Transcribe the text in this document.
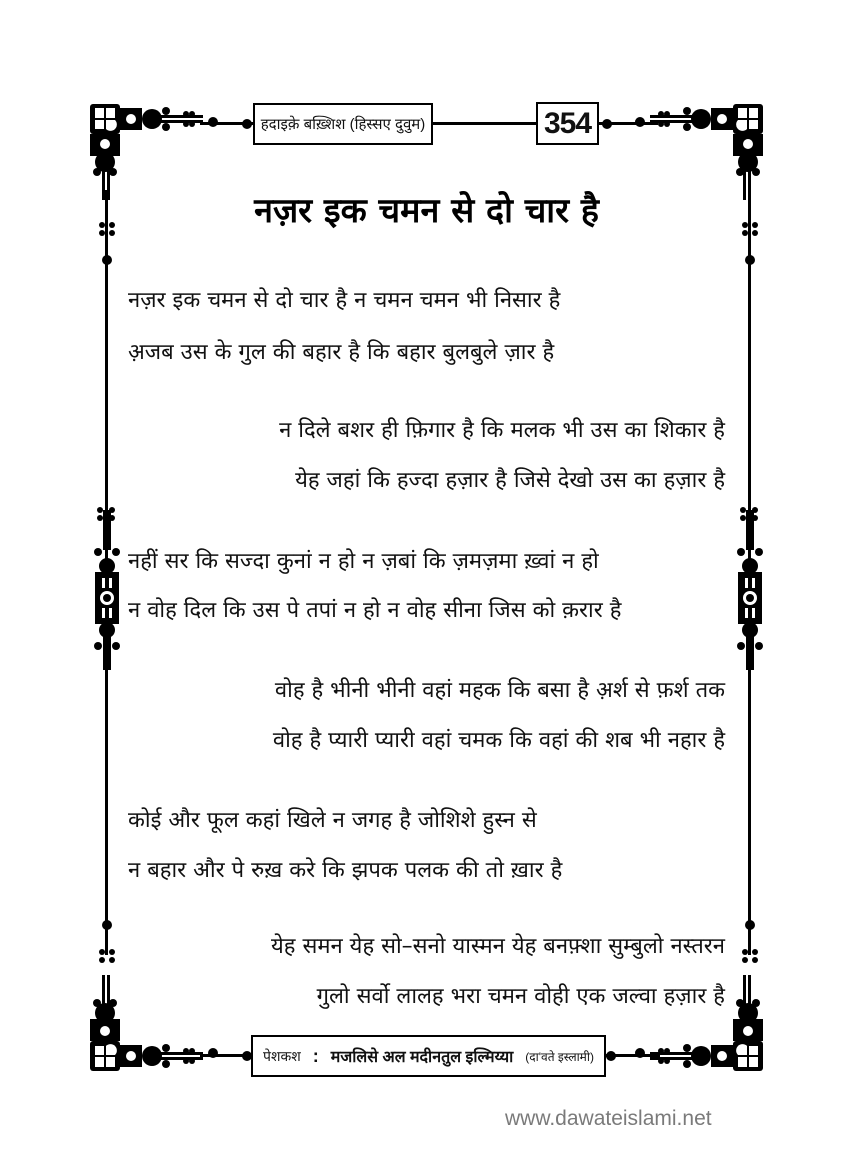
हदाइक़े बख़्शिश (हिस्सए दुवुम)	354
नज़र इक चमन से दो चार है
नज़र इक चमन से दो चार है न चमन चमन भी निसार है
अ़जब उस के गुल की बहार है कि बहार बुलबुले ज़ार है
न दिले बशर ही फ़िगार है कि मलक भी उस का शिकार है
येह जहां कि हज्दा हज़ार है जिसे देखो उस का हज़ार है
नहीं सर कि सज्दा कुनां न हो न ज़बां कि ज़मज़मा ख़्वां न हो
न वोह दिल कि उस पे तपां न हो न वोह सीना जिस को क़रार है
वोह है भीनी भीनी वहां महक कि बसा है अ़र्श से फ़र्श तक
वोह है प्यारी प्यारी वहां चमक कि वहां की शब भी नहार है
कोई और फूल कहां खिले न जगह है जोशिशे हुस्न से
न बहार और पे रुख़ करे कि झपक पलक की तो ख़ार है
येह समन येह सो–सनो यास्मन येह बनफ़्शा सुम्बुलो नस्तरन
गुलो सर्वो लालह भरा चमन वोही एक जल्वा हज़ार है
पेशकश : मजलिसे अल मदीनतुल इल्मिय्या (दा'वते इस्लामी)
www.dawateislami.net
